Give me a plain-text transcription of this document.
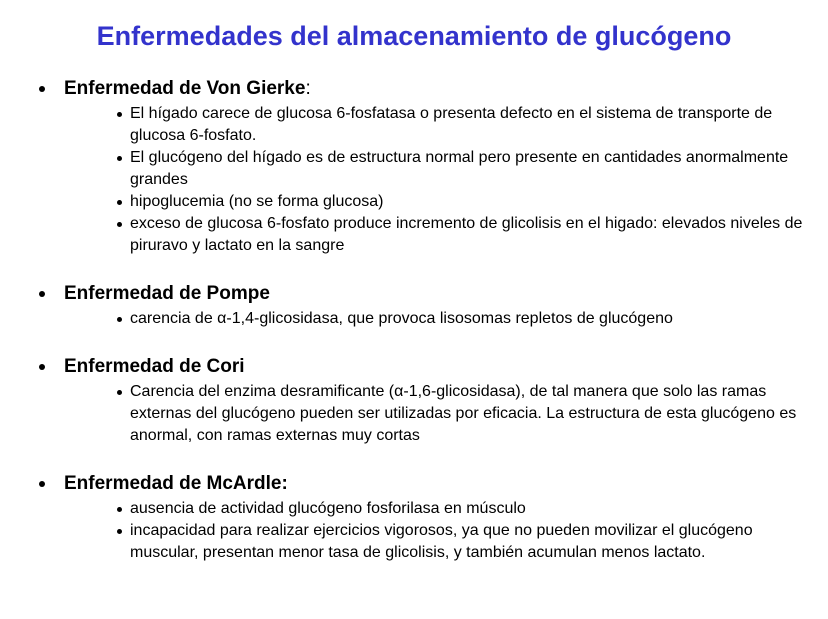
Enfermedades del almacenamiento de glucógeno
Enfermedad de Von Gierke:
El hígado carece de glucosa 6-fosfatasa o presenta defecto en el sistema de transporte de  glucosa 6-fosfato.
El glucógeno del hígado es de estructura normal pero presente en cantidades anormalmente grandes
hipoglucemia (no se forma glucosa)
exceso de glucosa 6-fosfato produce incremento de glicolisis en el higado: elevados niveles de piruravo y lactato en la sangre
Enfermedad de Pompe
carencia de α-1,4-glicosidasa, que provoca lisosomas repletos de glucógeno
Enfermedad de Cori
Carencia del enzima desramificante (α-1,6-glicosidasa), de tal manera que solo las ramas externas del glucógeno pueden ser utilizadas por eficacia. La estructura de esta glucógeno es anormal, con ramas externas muy cortas
Enfermedad de McArdle:
ausencia de actividad glucógeno fosforilasa en músculo
incapacidad para realizar ejercicios vigorosos, ya que no pueden movilizar el glucógeno muscular, presentan menor tasa de glicolisis, y también acumulan menos lactato.
